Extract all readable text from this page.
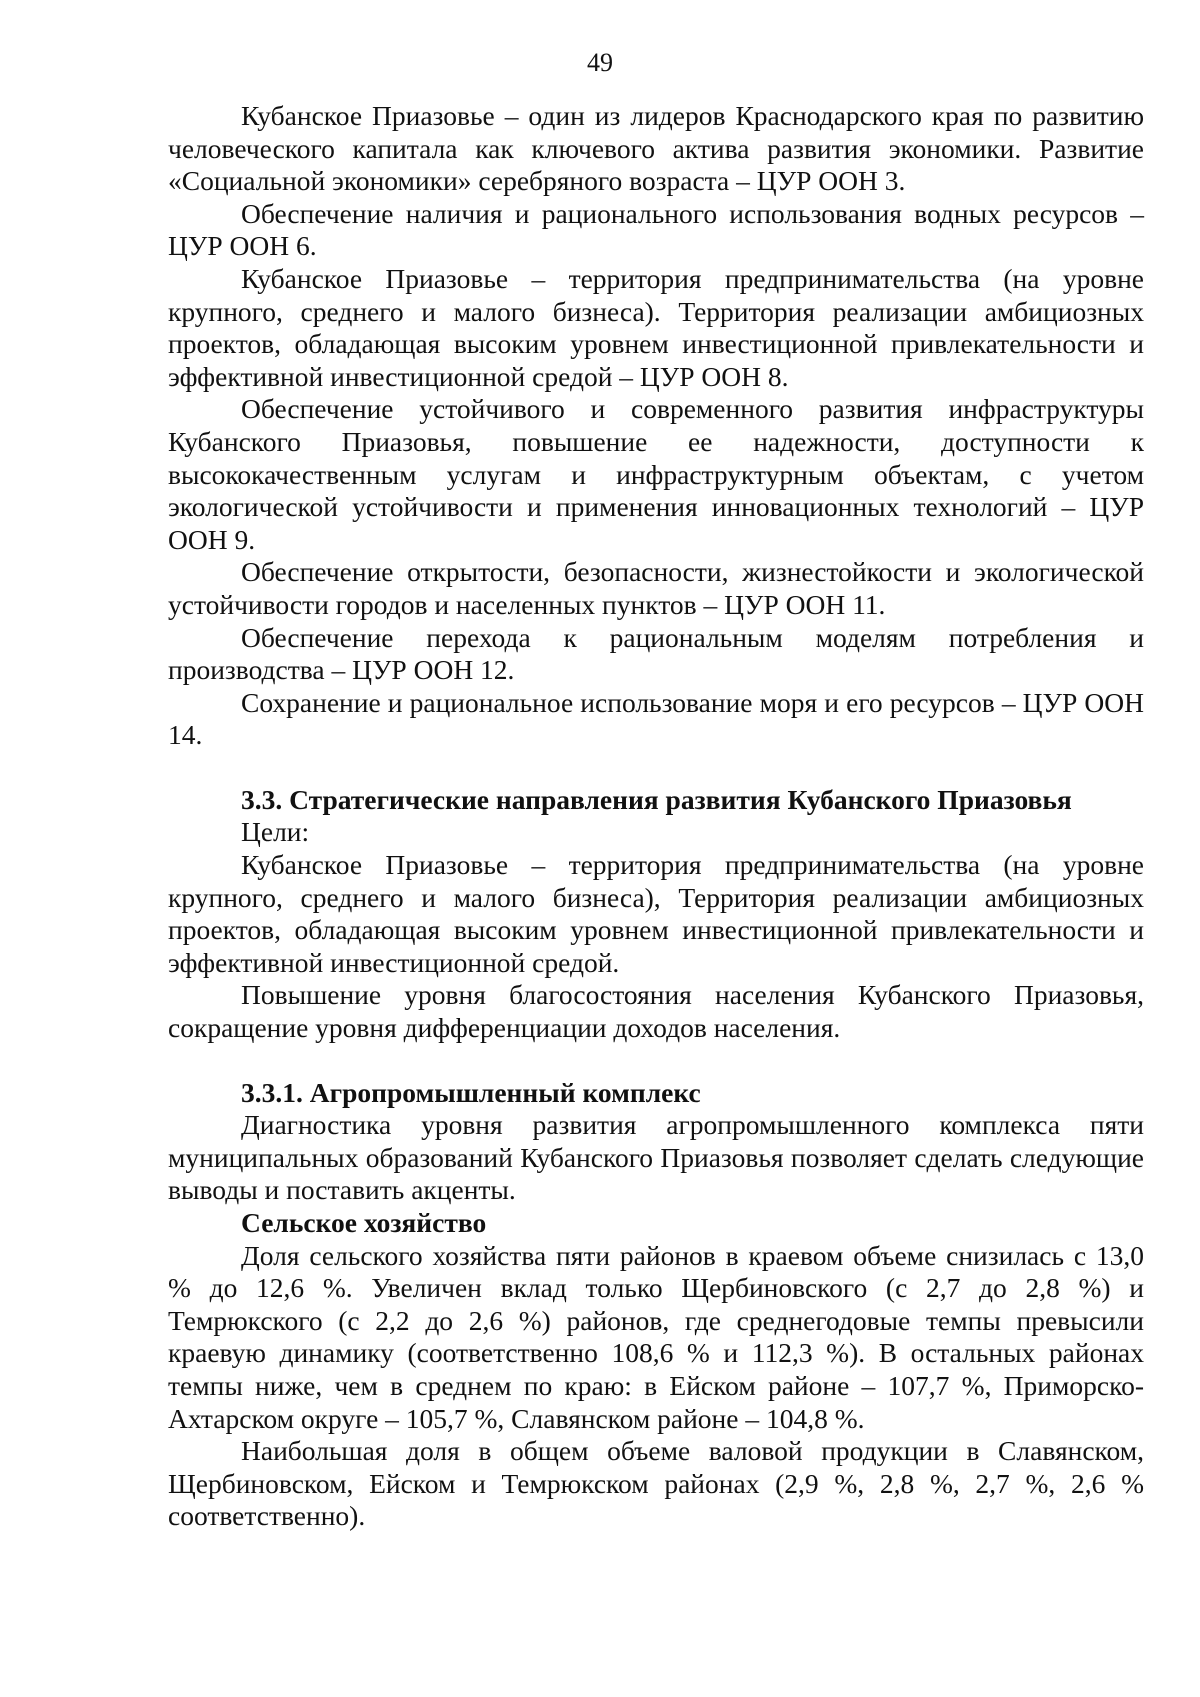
49

Кубанское Приазовье – один из лидеров Краснодарского края по развитию человеческого капитала как ключевого актива развития экономики. Развитие «Социальной экономики» серебряного возраста – ЦУР ООН 3.

Обеспечение наличия и рационального использования водных ресурсов – ЦУР ООН 6.

Кубанское Приазовье – территория предпринимательства (на уровне крупного, среднего и малого бизнеса). Территория реализации амбициозных проектов, обладающая высоким уровнем инвестиционной привлекательности и эффективной инвестиционной средой – ЦУР ООН 8.

Обеспечение устойчивого и современного развития инфраструктуры Кубанского Приазовья, повышение ее надежности, доступности к высококачественным услугам и инфраструктурным объектам, с учетом экологической устойчивости и применения инновационных технологий – ЦУР ООН 9.

Обеспечение открытости, безопасности, жизнестойкости и экологической устойчивости городов и населенных пунктов – ЦУР ООН 11.

Обеспечение перехода к рациональным моделям потребления и производства – ЦУР ООН 12.

Сохранение и рациональное использование моря и его ресурсов – ЦУР ООН 14.

3.3. Стратегические направления развития Кубанского Приазовья

Цели:

Кубанское Приазовье – территория предпринимательства (на уровне крупного, среднего и малого бизнеса), Территория реализации амбициозных проектов, обладающая высоким уровнем инвестиционной привлекательности и эффективной инвестиционной средой.

Повышение уровня благосостояния населения Кубанского Приазовья, сокращение уровня дифференциации доходов населения.

3.3.1. Агропромышленный комплекс

Диагностика уровня развития агропромышленного комплекса пяти муниципальных образований Кубанского Приазовья позволяет сделать следующие выводы и поставить акценты.

Сельское хозяйство

Доля сельского хозяйства пяти районов в краевом объеме снизилась с 13,0 % до 12,6 %. Увеличен вклад только Щербиновского (с 2,7 до 2,8 %) и Темрюкского (с 2,2 до 2,6 %) районов, где среднегодовые темпы превысили краевую динамику (соответственно 108,6 % и 112,3 %). В остальных районах темпы ниже, чем в среднем по краю: в Ейском районе – 107,7 %, Приморско-Ахтарском округе – 105,7 %, Славянском районе – 104,8 %.

Наибольшая доля в общем объеме валовой продукции в Славянском, Щербиновском, Ейском и Темрюкском районах (2,9 %, 2,8 %, 2,7 %, 2,6 % соответственно).
